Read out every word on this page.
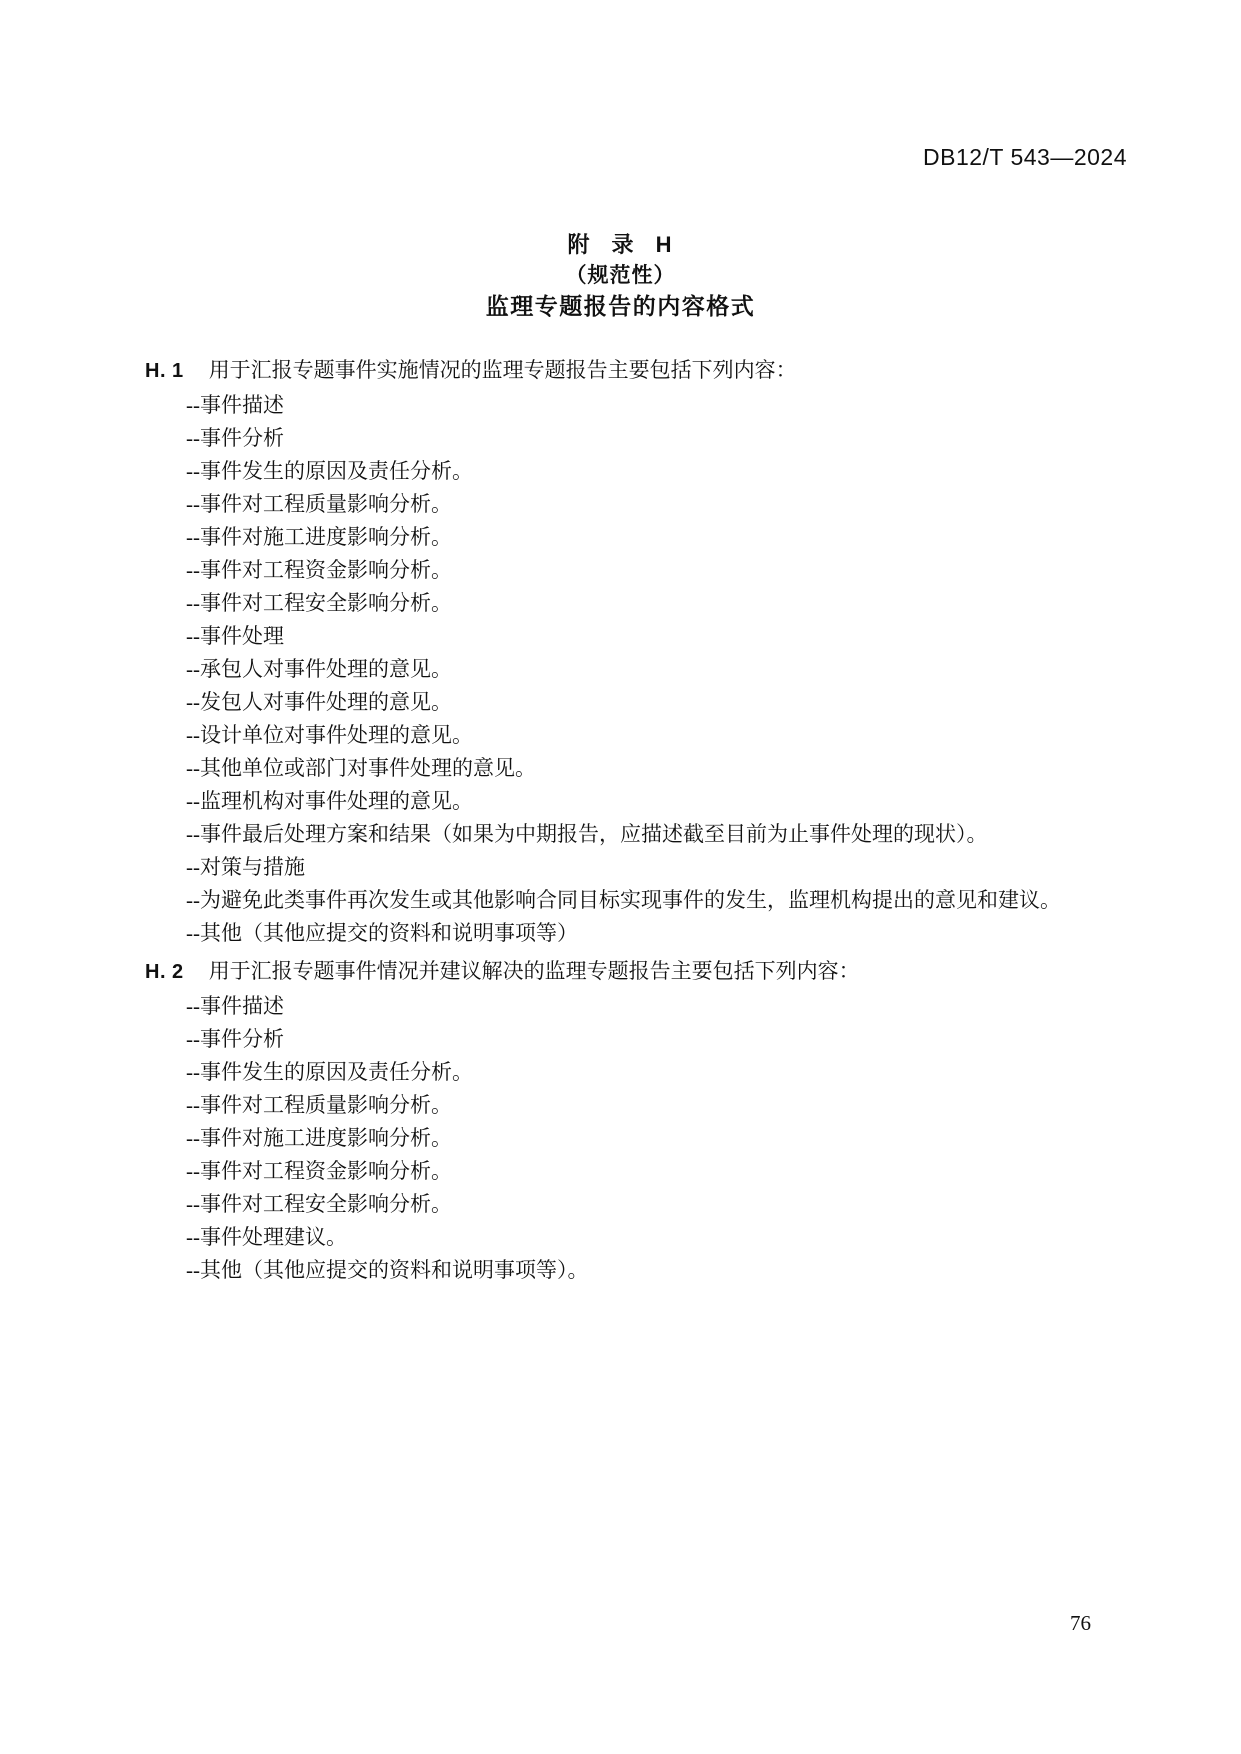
DB12/T 543—2024
附 录 H
（规范性）
监理专题报告的内容格式
H. 1 用于汇报专题事件实施情况的监理专题报告主要包括下列内容：
--事件描述
--事件分析
--事件发生的原因及责任分析。
--事件对工程质量影响分析。
--事件对施工进度影响分析。
--事件对工程资金影响分析。
--事件对工程安全影响分析。
--事件处理
--承包人对事件处理的意见。
--发包人对事件处理的意见。
--设计单位对事件处理的意见。
--其他单位或部门对事件处理的意见。
--监理机构对事件处理的意见。
--事件最后处理方案和结果（如果为中期报告，应描述截至目前为止事件处理的现状）。
--对策与措施
--为避免此类事件再次发生或其他影响合同目标实现事件的发生，监理机构提出的意见和建议。
--其他（其他应提交的资料和说明事项等）
H. 2 用于汇报专题事件情况并建议解决的监理专题报告主要包括下列内容：
--事件描述
--事件分析
--事件发生的原因及责任分析。
--事件对工程质量影响分析。
--事件对施工进度影响分析。
--事件对工程资金影响分析。
--事件对工程安全影响分析。
--事件处理建议。
--其他（其他应提交的资料和说明事项等）。
76
